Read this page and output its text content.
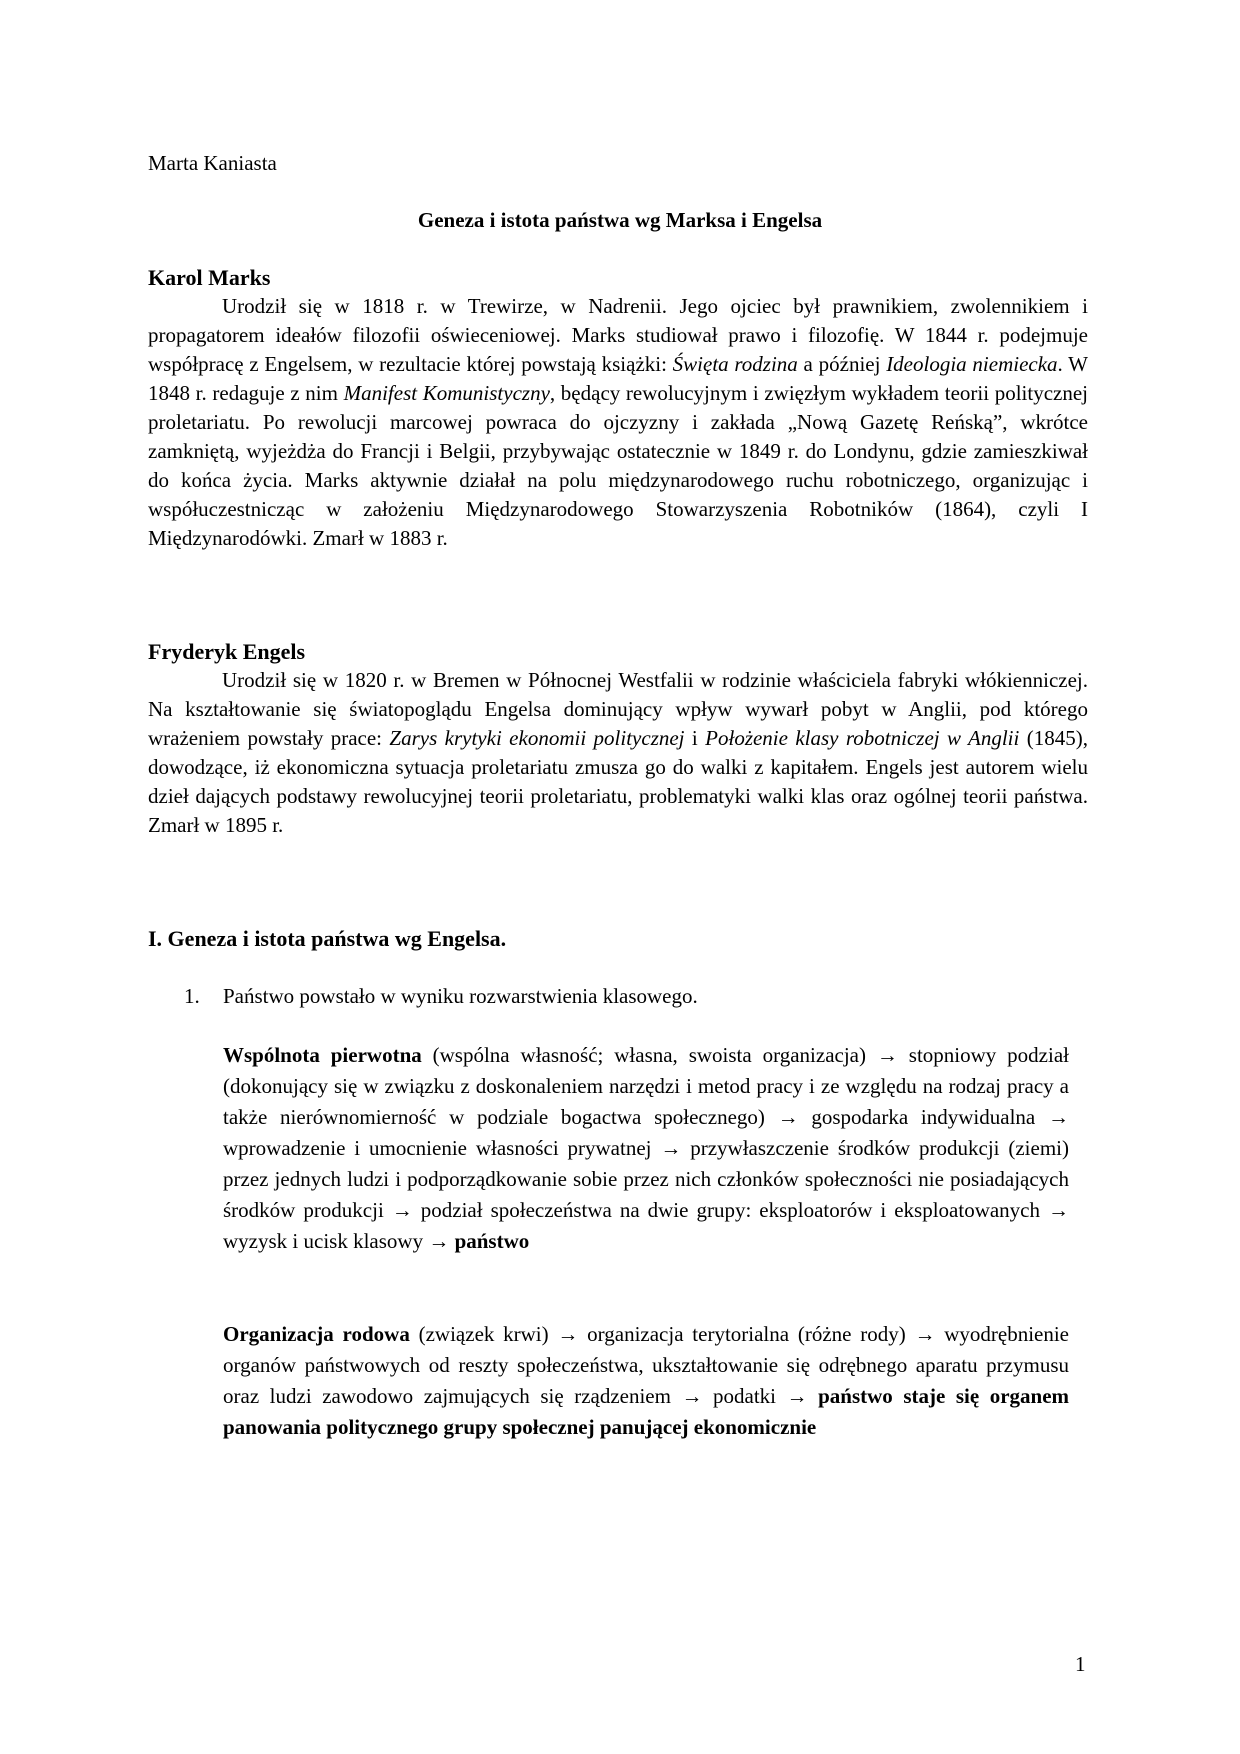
Marta Kaniasta
Geneza i istota państwa wg Marksa i Engelsa
Karol Marks

Urodził się w 1818 r. w Trewirze, w Nadrenii. Jego ojciec był prawnikiem, zwolennikiem i propagatorem ideałów filozofii oświeceniowej. Marks studiował prawo i filozofię. W 1844 r. podejmuje współpracę z Engelsem, w rezultacie której powstają książki: Święta rodzina a później Ideologia niemiecka. W 1848 r. redaguje z nim Manifest Komunistyczny, będący rewolucyjnym i zwięzłym wykładem teorii politycznej proletariatu. Po rewolucji marcowej powraca do ojczyzny i zakłada „Nową Gazetę Reńską”, wkrótce zamkniętą, wyjeżdża do Francji i Belgii, przybywając ostatecznie w 1849 r. do Londynu, gdzie zamieszkiwał do końca życia. Marks aktywnie działał na polu międzynarodowego ruchu robotniczego, organizując i współuczestnicząc w założeniu Międzynarodowego Stowarzyszenia Robotników (1864), czyli I Międzynarodówki. Zmarł w 1883 r.

Fryderyk Engels

Urodził się w 1820 r. w Bremen w Północnej Westfalii w rodzinie właściciela fabryki włókienniczej. Na kształtowanie się światopoglądu Engelsa dominujący wpływ wywarł pobyt w Anglii, pod którego wrażeniem powstały prace: Zarys krytyki ekonomii politycznej i Położenie klasy robotniczej w Anglii (1845), dowodzące, iż ekonomiczna sytuacja proletariatu zmusza go do walki z kapitałem. Engels jest autorem wielu dzieł dających podstawy rewolucyjnej teorii proletariatu, problematyki walki klas oraz ogólnej teorii państwa. Zmarł w 1895 r.

I. Geneza i istota państwa wg Engelsa.
1. Państwo powstało w wyniku rozwarstwienia klasowego.
Wspólnota pierwotna (wspólna własność; własna, swoista organizacja) → stopniowy podział (dokonujący się w związku z doskonaleniem narzędzi i metod pracy i ze względu na rodzaj pracy a także nierównomierność w podziale bogactwa społecznego) → gospodarka indywidualna → wprowadzenie i umocnienie własności prywatnej → przywłaszczenie środków produkcji (ziemi) przez jednych ludzi i podporządkowanie sobie przez nich członków społeczności nie posiadających środków produkcji → podział społeczeństwa na dwie grupy: eksploatorów i eksploatowanych → wyzysk i ucisk klasowy → państwo
Organizacja rodowa (związek krwi) → organizacja terytorialna (różne rody) → wyodrębnienie organów państwowych od reszty społeczeństwa, ukształtowanie się odrębnego aparatu przymusu oraz ludzi zawodowo zajmujących się rządzeniem → podatki → państwo staje się organem panowania politycznego grupy społecznej panującej ekonomicznie
1
